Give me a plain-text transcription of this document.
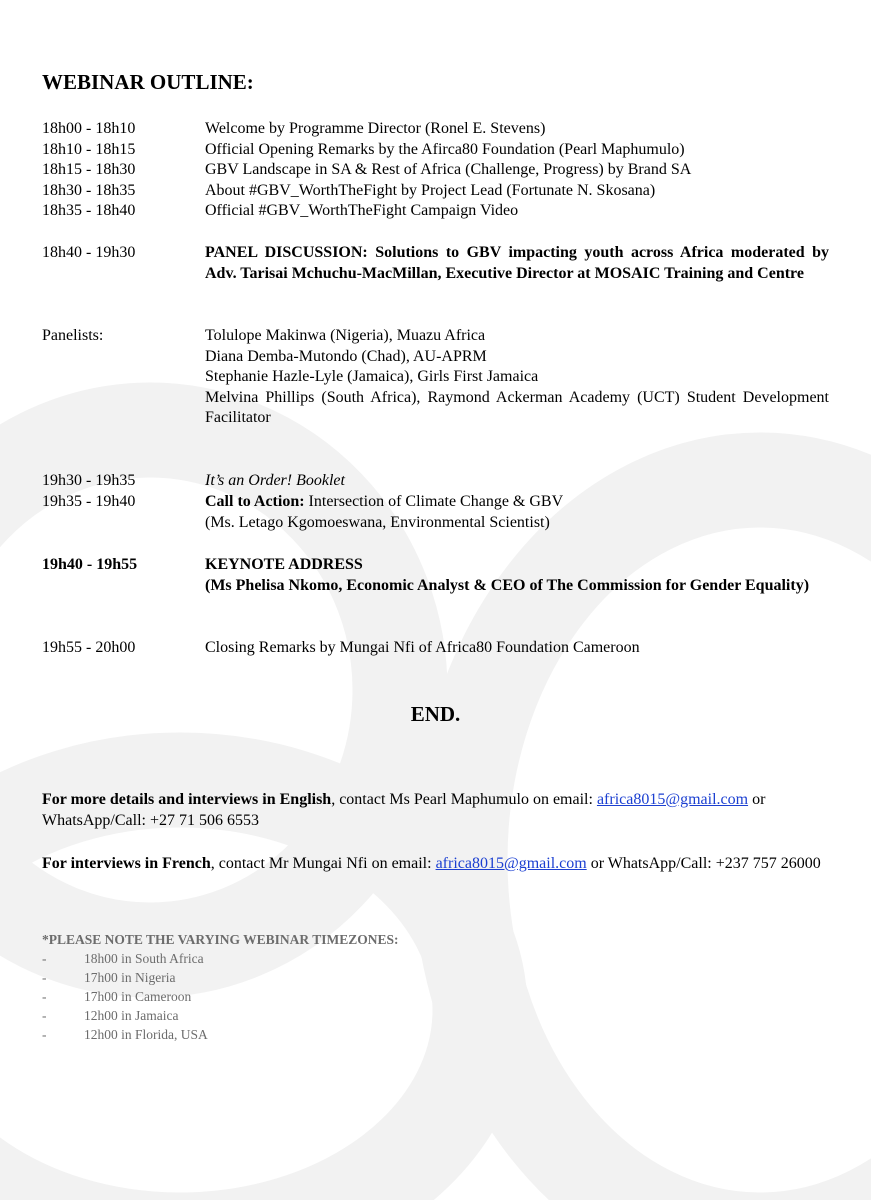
WEBINAR OUTLINE:
18h00 - 18h10	Welcome by Programme Director (Ronel E. Stevens)
18h10 - 18h15	Official Opening Remarks by the Afirca80 Foundation (Pearl Maphumulo)
18h15 - 18h30	GBV Landscape in SA & Rest of Africa (Challenge, Progress) by Brand SA
18h30 - 18h35	About #GBV_WorthTheFight by Project Lead (Fortunate N. Skosana)
18h35 - 18h40	Official #GBV_WorthTheFight Campaign Video
18h40 - 19h30	PANEL DISCUSSION: Solutions to GBV impacting youth across Africa moderated by Adv. Tarisai Mchuchu-MacMillan, Executive Director at MOSAIC Training and Centre
Panelists:	Tolulope Makinwa (Nigeria), Muazu Africa
Diana Demba-Mutondo (Chad), AU-APRM
Stephanie Hazle-Lyle (Jamaica), Girls First Jamaica
Melvina Phillips (South Africa), Raymond Ackerman Academy (UCT) Student Development Facilitator
19h30 - 19h35	It’s an Order! Booklet
19h35 - 19h40	Call to Action: Intersection of Climate Change & GBV
(Ms. Letago Kgomoeswana, Environmental Scientist)
19h40 - 19h55	KEYNOTE ADDRESS
(Ms Phelisa Nkomo, Economic Analyst & CEO of The Commission for Gender Equality)
19h55 - 20h00	Closing Remarks by Mungai Nfi of Africa80 Foundation Cameroon
END.
For more details and interviews in English, contact Ms Pearl Maphumulo on email: africa8015@gmail.com or WhatsApp/Call: +27 71 506 6553
For interviews in French, contact Mr Mungai Nfi on email: africa8015@gmail.com or WhatsApp/Call: +237 757 26000
*PLEASE NOTE THE VARYING WEBINAR TIMEZONES:
- 18h00 in South Africa
- 17h00 in Nigeria
- 17h00 in Cameroon
- 12h00 in Jamaica
- 12h00 in Florida, USA
